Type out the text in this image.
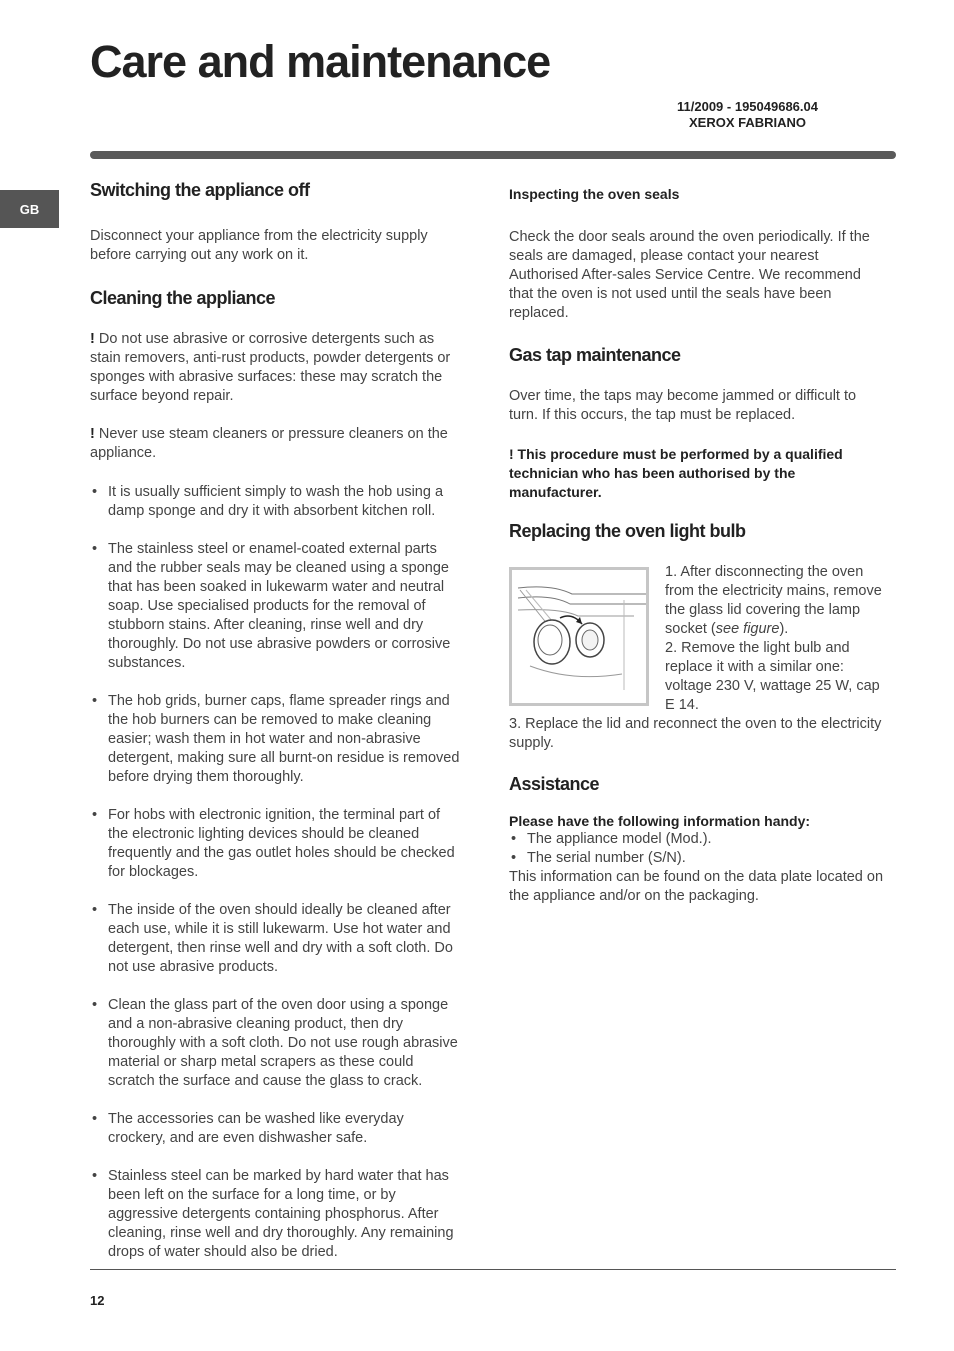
Care and maintenance
11/2009 - 195049686.04
XEROX FABRIANO
GB
Switching the appliance off

Disconnect your appliance from the electricity supply before carrying out any work on it.

Cleaning the appliance

! Do not use abrasive or corrosive detergents such as stain removers, anti-rust products, powder detergents or sponges with abrasive surfaces: these may scratch the surface beyond repair.

! Never use steam cleaners or pressure cleaners on the appliance.

• It is usually sufficient simply to wash the hob using a damp sponge and dry it with absorbent kitchen roll.
• The stainless steel or enamel-coated external parts and the rubber seals may be cleaned using a sponge that has been soaked in lukewarm water and neutral soap. Use specialised products for the removal of stubborn stains. After cleaning, rinse well and dry thoroughly. Do not use abrasive powders or corrosive substances.
• The hob grids, burner caps, flame spreader rings and the hob burners can be removed to make cleaning easier; wash them in hot water and non-abrasive detergent, making sure all burnt-on residue is removed before drying them thoroughly.
• For hobs with electronic ignition, the terminal part of the electronic lighting devices should be cleaned frequently and the gas outlet holes should be checked for blockages.
• The inside of the oven should ideally be cleaned after each use, while it is still lukewarm. Use hot water and detergent, then rinse well and dry with a soft cloth. Do not use abrasive products.
• Clean the glass part of the oven door using a sponge and a non-abrasive cleaning product, then dry thoroughly with a soft cloth. Do not use rough abrasive material or sharp metal scrapers as these could scratch the surface and cause the glass to crack.
• The accessories can be washed like everyday crockery, and are even dishwasher safe.
• Stainless steel can be marked by hard water that has been left on the surface for a long time, or by aggressive detergents containing phosphorus. After cleaning, rinse well and dry thoroughly. Any remaining drops of water should also be dried.
Inspecting the oven seals

Check the door seals around the oven periodically. If the seals are damaged, please contact your nearest Authorised After-sales Service Centre. We recommend that the oven is not used until the seals have been replaced.

Gas tap maintenance

Over time, the taps may become jammed or difficult to turn. If this occurs, the tap must be replaced.

! This procedure must be performed by a qualified technician who has been authorised by the manufacturer.

Replacing the oven light bulb

1. After disconnecting the oven from the electricity mains, remove the glass lid covering the lamp socket (see figure).

2. Remove the light bulb and replace it with a similar one: voltage 230 V, wattage 25 W, cap E 14.

3. Replace the lid and reconnect the oven to the electricity supply.

Assistance
Please have the following information handy:
• The appliance model (Mod.).
• The serial number (S/N).

This information can be found on the data plate located on the appliance and/or on the packaging.

12
